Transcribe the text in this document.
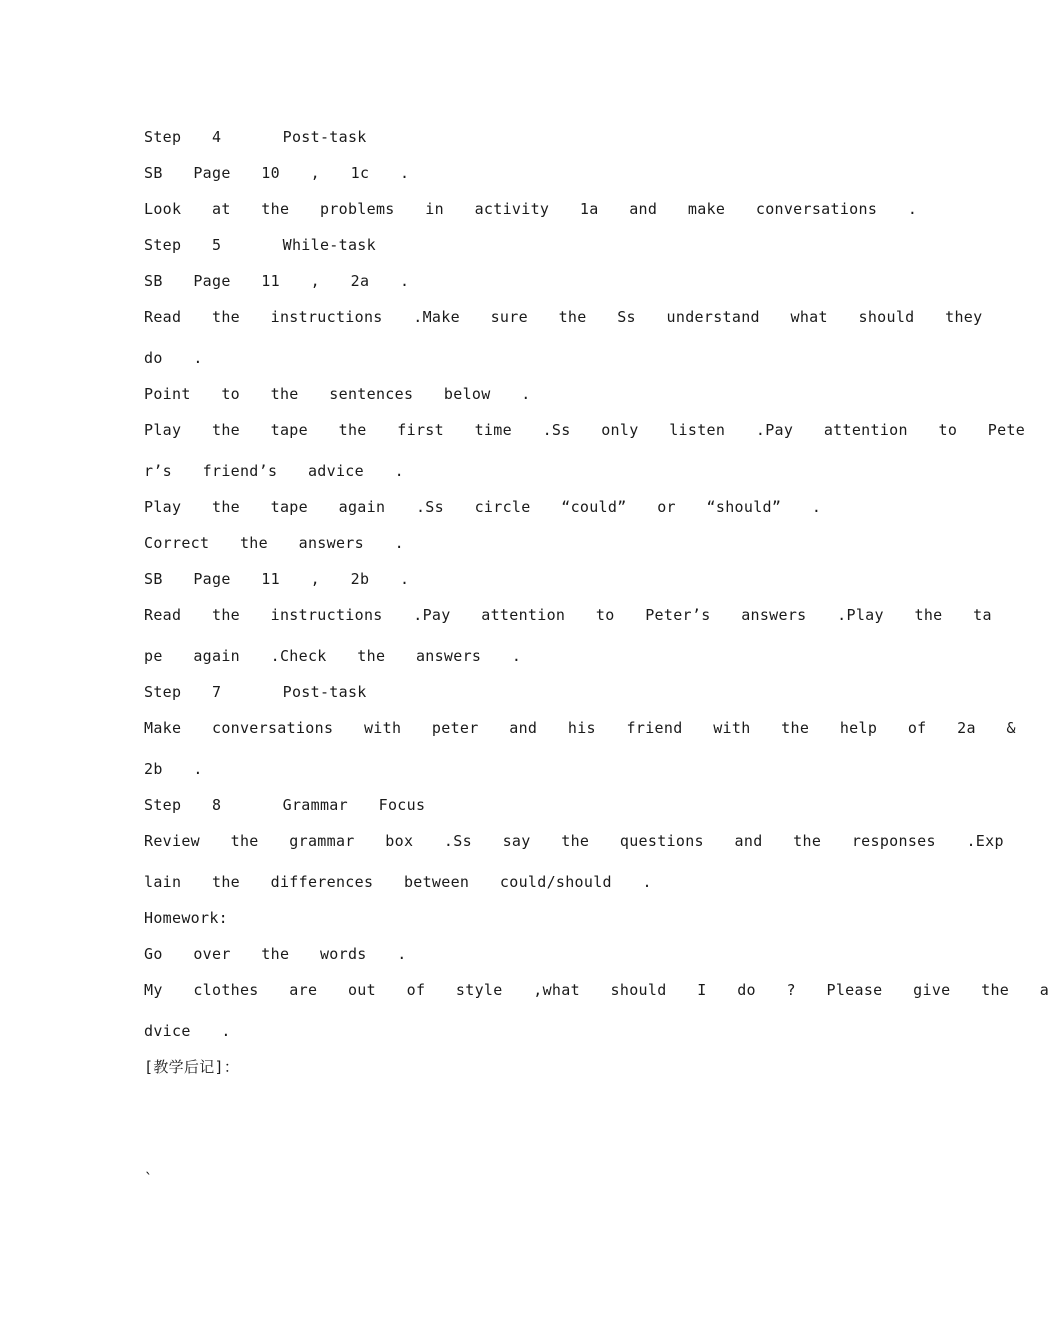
Step  4    Post-task
SB  Page  10  ,  1c  .
Look  at  the  problems  in  activity  1a  and  make  conversations  .
Step  5    While-task
SB  Page  11  ,  2a  .
Read  the  instructions  .Make  sure  the  Ss  understand  what  should  they
do  .
Point  to  the  sentences  below  .
Play  the  tape  the  first  time  .Ss  only  listen  .Pay  attention  to  Pete
r’s  friend’s  advice  .
Play  the  tape  again  .Ss  circle  “could”  or  “should”  .
Correct  the  answers  .
SB  Page  11  ,  2b  .
Read  the  instructions  .Pay  attention  to  Peter’s  answers  .Play  the  ta
pe  again  .Check  the  answers  .
Step  7    Post-task
Make  conversations  with  peter  and  his  friend  with  the  help  of  2a  &
2b  .
Step  8    Grammar  Focus
Review  the  grammar  box  .Ss  say  the  questions  and  the  responses  .Exp
lain  the  differences  between  could/should  .
Homework:
Go  over  the  words  .
My  clothes  are  out  of  style  ,what  should  I  do  ?  Please  give  the  a
dvice  .
[教学后记]：
`
